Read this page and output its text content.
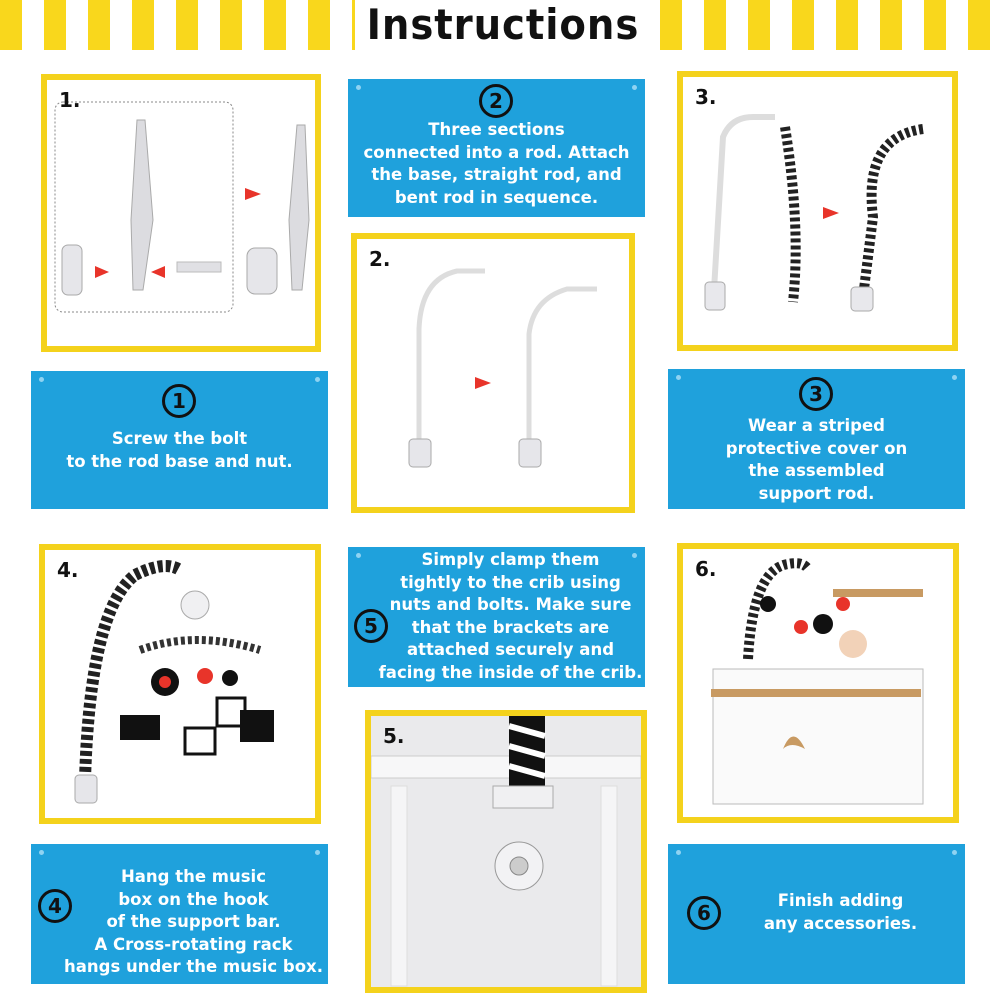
Instructions
1.	2
Three sections
connected into a rod. Attach
the base, straight rod, and
bent rod in sequence.
3.
2.
1
Screw the bolt
to the rod base and nut.
3
Wear a striped
protective cover on
the assembled
support rod.
4.
5
Simply clamp them
tightly to the crib using
nuts and bolts. Make sure
that the brackets are
attached securely and
facing the inside of the crib.
6.
5.
4
Hang the music
box on the hook
of the support bar.
A Cross-rotating rack
hangs under the music box.
6
Finish adding
any accessories.
